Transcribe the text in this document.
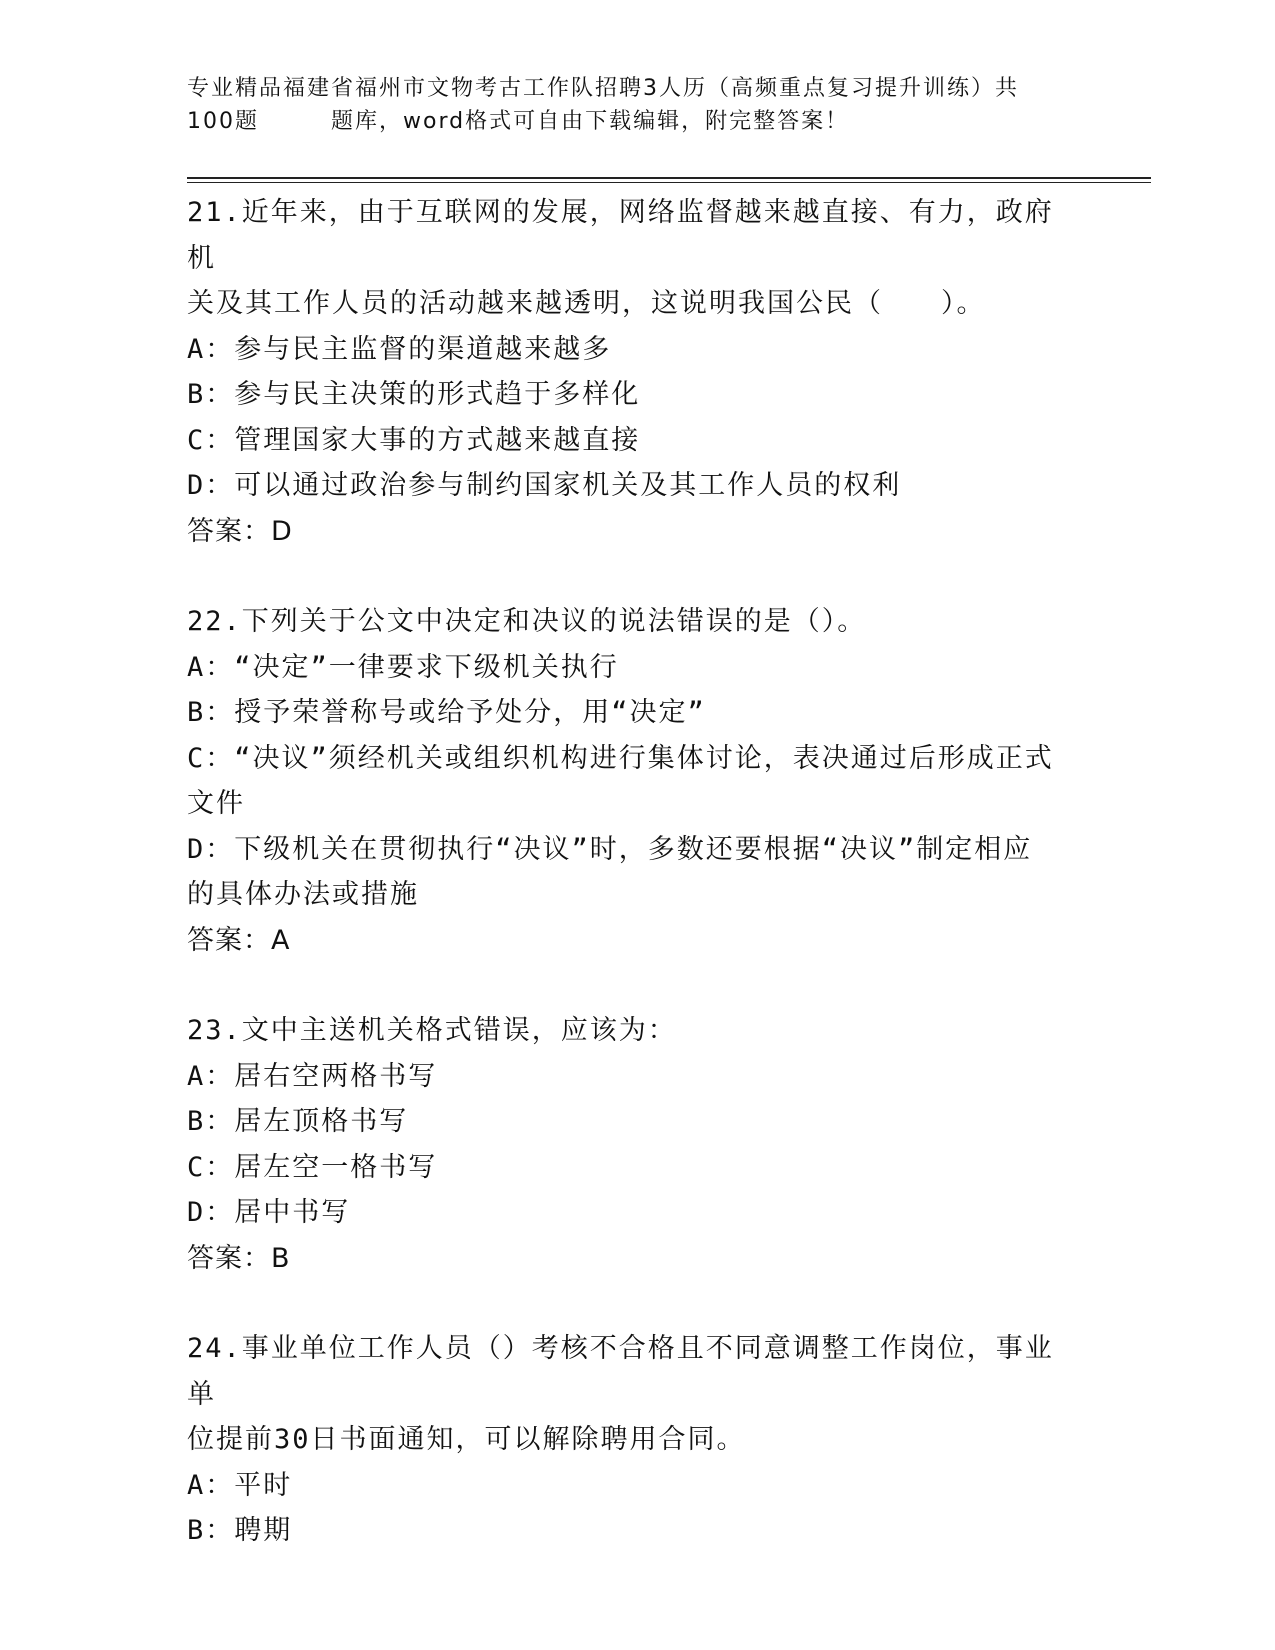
专业精品福建省福州市文物考古工作队招聘3人历（高频重点复习提升训练）共
100题	题库，word格式可自由下载编辑，附完整答案！
21.近年来，由于互联网的发展，网络监督越来越直接、有力，政府机
关及其工作人员的活动越来越透明，这说明我国公民（　　）。
A：参与民主监督的渠道越来越多
B：参与民主决策的形式趋于多样化
C：管理国家大事的方式越来越直接
D：可以通过政治参与制约国家机关及其工作人员的权利
答案：D
22.下列关于公文中决定和决议的说法错误的是（）。
A：“决定”一律要求下级机关执行
B：授予荣誉称号或给予处分，用“决定”
C：“决议”须经机关或组织机构进行集体讨论，表决通过后形成正式
文件
D：下级机关在贯彻执行“决议”时，多数还要根据“决议”制定相应
的具体办法或措施
答案：A
23.文中主送机关格式错误，应该为：
A：居右空两格书写
B：居左顶格书写
C：居左空一格书写
D：居中书写
答案：B
24.事业单位工作人员（）考核不合格且不同意调整工作岗位，事业单
位提前30日书面通知，可以解除聘用合同。
A：平时
B：聘期
